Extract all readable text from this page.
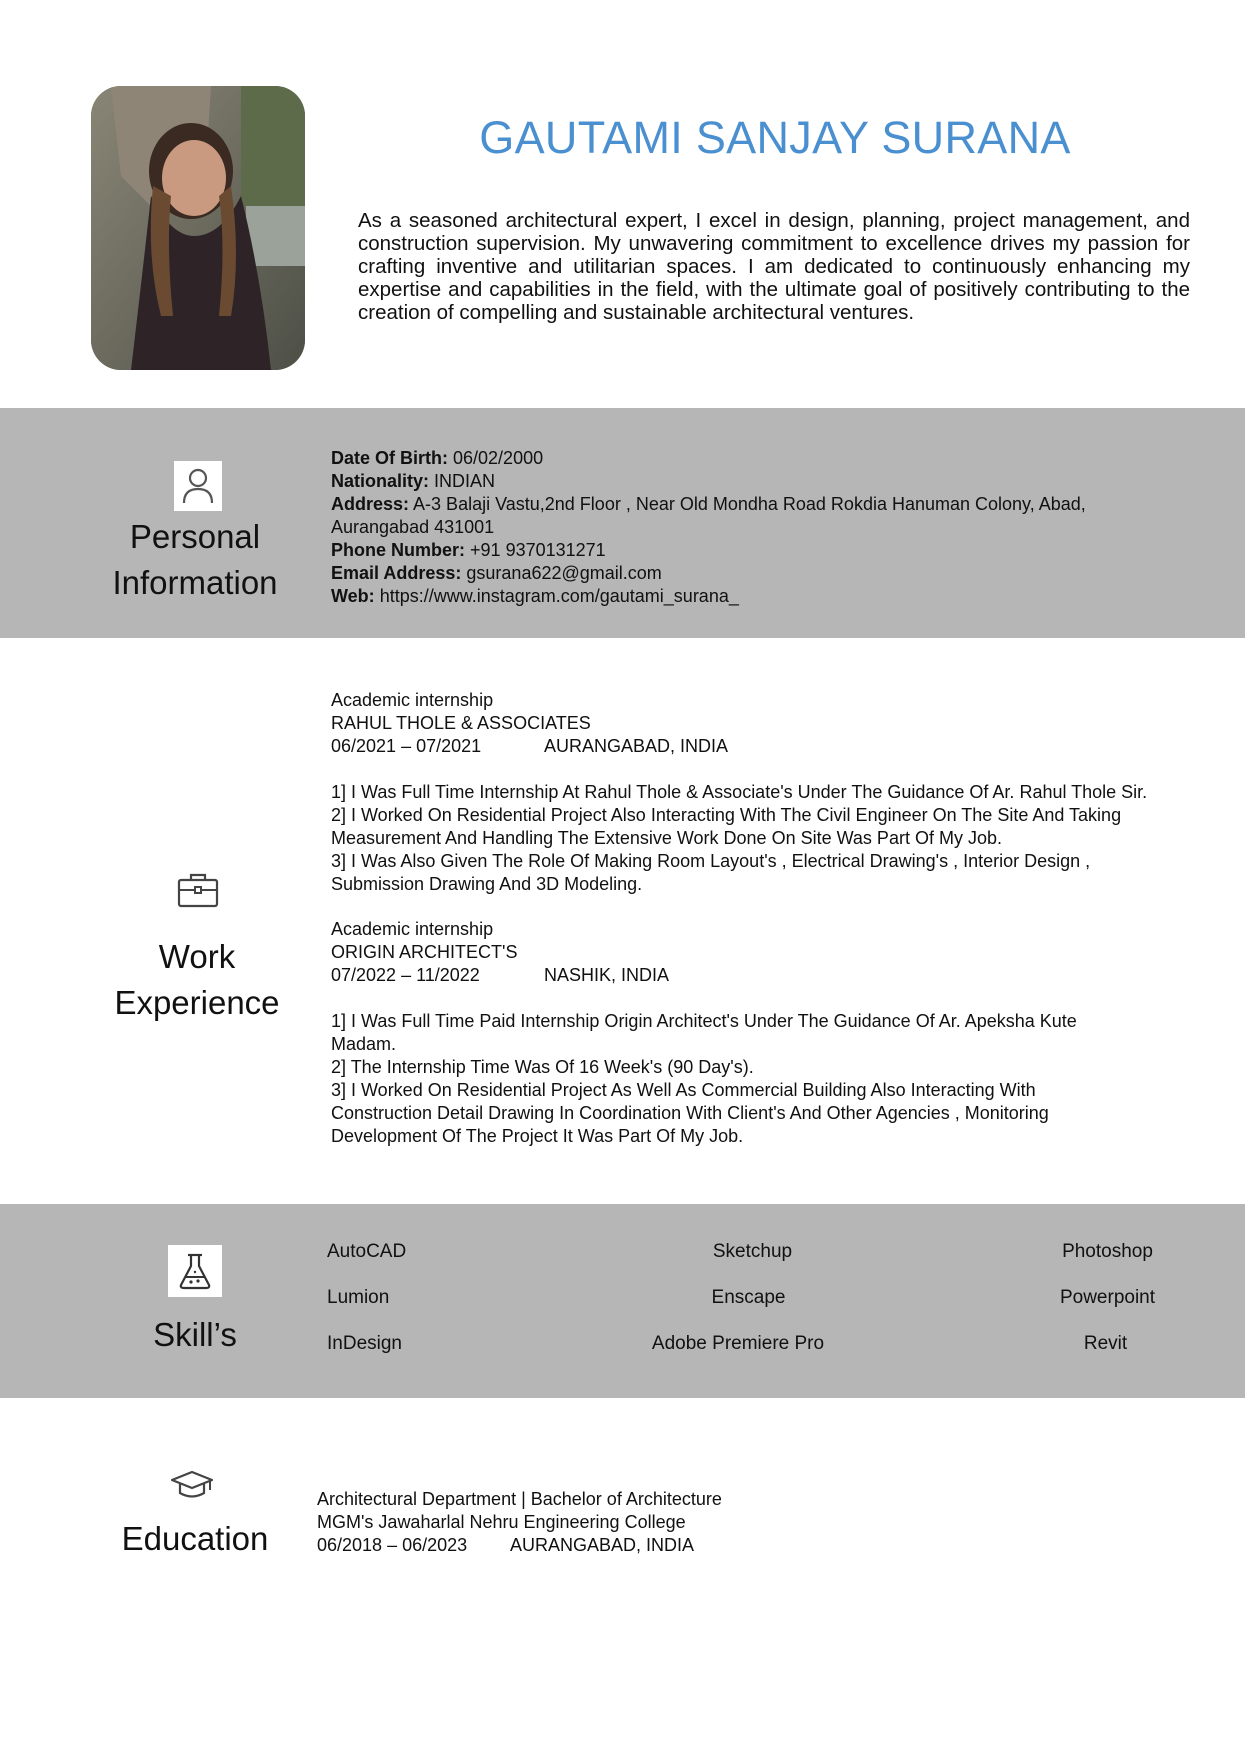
GAUTAMI SANJAY SURANA
As a seasoned architectural expert, I excel in design, planning, project management, and construction supervision. My unwavering commitment to excellence drives my passion for crafting inventive and utilitarian spaces. I am dedicated to continuously enhancing my expertise and capabilities in the field, with the ultimate goal of positively contributing to the creation of compelling and sustainable architectural ventures.
Personal
Information
Date Of Birth: 06/02/2000
Nationality: INDIAN
Address: A-3 Balaji Vastu,2nd Floor , Near Old Mondha Road Rokdia Hanuman Colony, Abad,
Aurangabad 431001
Phone Number: +91 9370131271
Email Address: gsurana622@gmail.com
Web: https://www.instagram.com/gautami_surana_
Work
Experience
Academic internship
RAHUL THOLE & ASSOCIATES
06/2021 – 07/2021	AURANGABAD, INDIA
1] I Was Full Time Internship At Rahul Thole & Associate's Under The Guidance Of Ar. Rahul Thole Sir.
2] I Worked On Residential Project Also Interacting With The Civil Engineer On The Site And Taking
Measurement And Handling The Extensive Work Done On Site Was Part Of My Job.
3] I Was Also Given The Role Of Making Room Layout's , Electrical Drawing's , Interior Design ,
Submission Drawing And 3D Modeling.
Academic internship
ORIGIN ARCHITECT'S
07/2022 – 11/2022	NASHIK, INDIA
1] I Was Full Time Paid Internship Origin Architect's Under The Guidance Of Ar. Apeksha Kute
Madam.
2] The Internship Time Was Of 16 Week's (90 Day's).
3] I Worked On Residential Project As Well As Commercial Building Also Interacting With
Construction Detail Drawing In Coordination With Client's And Other Agencies , Monitoring
Development Of The Project It Was Part Of My Job.
Skill’s
AutoCAD	Sketchup	Photoshop
Lumion	Enscape	Powerpoint
InDesign	Adobe Premiere Pro	Revit
Education
Architectural Department | Bachelor of Architecture
MGM's Jawaharlal Nehru Engineering College
06/2018 – 06/2023 AURANGABAD, INDIA
